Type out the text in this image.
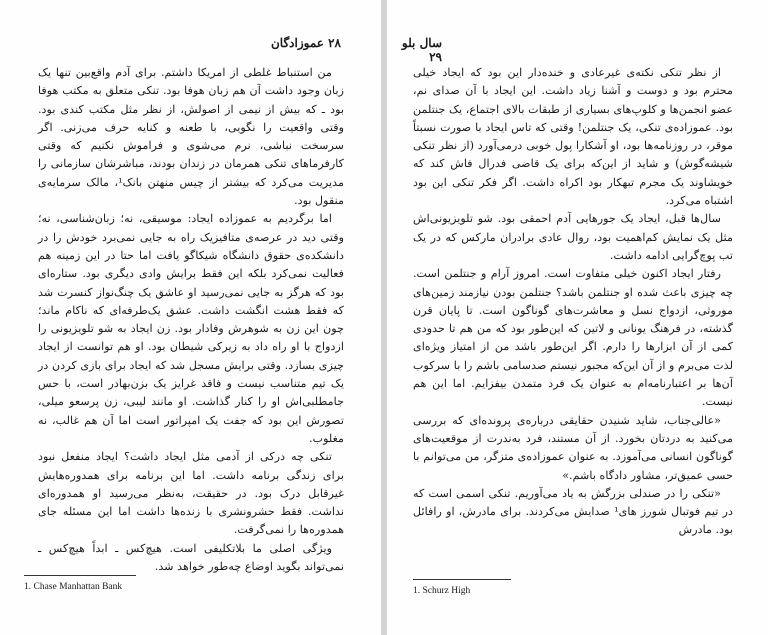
۲۸ عموزادگان

من استنباط غلطی از امریکا داشتم. برای آدم واقع‌بین تنها یک زبان وجود داشت آن هم زبان هوفا بود. تنکی متعلق به مکتب هوفا بود ـ که بیش از نیمی از اصولش، از نظر مثل مکتب کندی بود. وقتی واقعیت را نگویی، با طعنه و کنایه حرف می‌زنی. اگر سرسخت نباشی، نرم می‌شوی و فراموش نکنیم که وقتی کارفرماهای تنکی همرمان در زندان بودند، مباشرشان سازمانی را مدیریت می‌کرد که بیشتر از چیس منهتن بانک¹، مالک سرمایه‌ی منقول بود.

اما برگردیم به عموزاده ایجاد: موسیقی، نه؛ زبان‌شناسی، نه؛ وقتی دید در عرصه‌ی متافیزیک راه به جایی نمی‌برد خودش را در دانشکده‌ی حقوق دانشگاه شیکاگو یافت اما حتا در این زمینه هم فعالیت نمی‌کرد بلکه این فقط برایش وادی دیگری بود. ستاره‌ای بود که هرگز به جایی نمی‌رسید او عاشق یک چنگ‌نواز کنسرت شد که فقط هشت انگشت داشت. عشق یک‌طرفه‌ای که ناکام ماند؛ چون این زن به شوهرش وفادار بود. زن ایجاد به شو تلویزیونی را ازدواج با او راه داد به زیرکی شیطان بود. او هم توانست از ایجاد چیزی بسازد. وقتی برایش مسجل شد که ایجاد برای بازی کردن در یک تیم متناسب نیست و فاقد غرایز یک بزن‌بهادر است، با حس جامطلبی‌اش او را کنار گذاشت. او مانند لیبی، زن پرسعو میلی، تصورش این بود که جفت یک امپراتور است اما آن هم غالب، نه مغلوب.

تنکی چه درکی از آدمی مثل ایجاد داشت؟ ایجاد منفعل نبود برای زندگی برنامه داشت. اما این برنامه برای همدوره‌هایش غیرقابل درک بود. در حقیقت، به‌نظر می‌رسید او همدوره‌ای نداشت. فقط حشرونشری با زنده‌ها داشت اما این مسئله جای همدوره‌ها را نمی‌گرفت.

ویژگی اصلی ما بلاتکلیفی است. هیچ‌کس ـ ابداً هیچ‌کس ـ نمی‌تواند بگوید اوضاع چه‌طور خواهد شد.

1. Chase Manhattan Bank
سال بلو ۲۹

از نظر تنکی نکته‌ی غیرعادی و خنده‌دار این بود که ایجاد خیلی محترم بود و دوست و آشنا زیاد داشت. این ایجاد با آن صدای نم، عضو انجمن‌ها و کلوپ‌های بسیاری از طبقات بالای اجتماع، یک جنتلمن بود. عموزاده‌ی تنکی، یک جنتلمن! وقتی که تاس ایجاد با صورت نسبتاً موقر، در روزنامه‌ها بود، او آشکارا پول خوبی درمی‌آورد (از نظر تنکی شیشه‌گوش) و شاید از این‌که برای یک قاضی فدرال فاش کند که خویشاوند یک مجرم تبهکار بود اکراه داشت. اگر فکر تنکی این بود اشتباه می‌کرد.

سال‌ها قبل، ایجاد یک جورهایی آدم احمقی بود. شو تلویزیونی‌اش مثل یک نمایش کم‌اهمیت بود، روال عادی برادران مارکس که در یک تب پوچ‌گرایی ادامه داشت.

رفتار ایجاد اکنون خیلی متفاوت است. امروز آرام و جنتلمن است. چه چیزی باعث شده او جنتلمن باشد؟ جنتلمن بودن نیازمند زمین‌های موروثی، ازدواج نسل و معاشرت‌های گوناگون است. تا پایان قرن گذشته، در فرهنگ یونانی و لاتین که این‌طور بود که من هم تا حدودی کمی از آن ابزارها را دارم. اگر این‌طور باشد من از امتیاز ویژه‌ای لذت می‌برم و از آن این‌که مجبور نیستم صدسامی باشم را با سرکوب آن‌ها بر اعتبارنامه‌ام به عنوان یک فرد متمدن بیفزایم. اما این هم نیست.

«عالی‌جناب، شاید شنیدن حقایقی درباره‌ی پرونده‌ای که بررسی می‌کنید به دردتان بخورد. از آن مستند، فرد به‌ندرت از موقعیت‌های گوناگون انسانی می‌آموزد. به عنوان عموزاده‌ی متزگر، من می‌توانم با حسی عمیق‌تر، مشاور دادگاه باشم.»

«تنکی را در صندلی بزرگش به یاد می‌آوریم. تنکی اسمی است که در تیم فوتبال شورز های¹ صدایش می‌کردند. برای مادرش، او رافائل بود. مادرش

1. Schurz High
